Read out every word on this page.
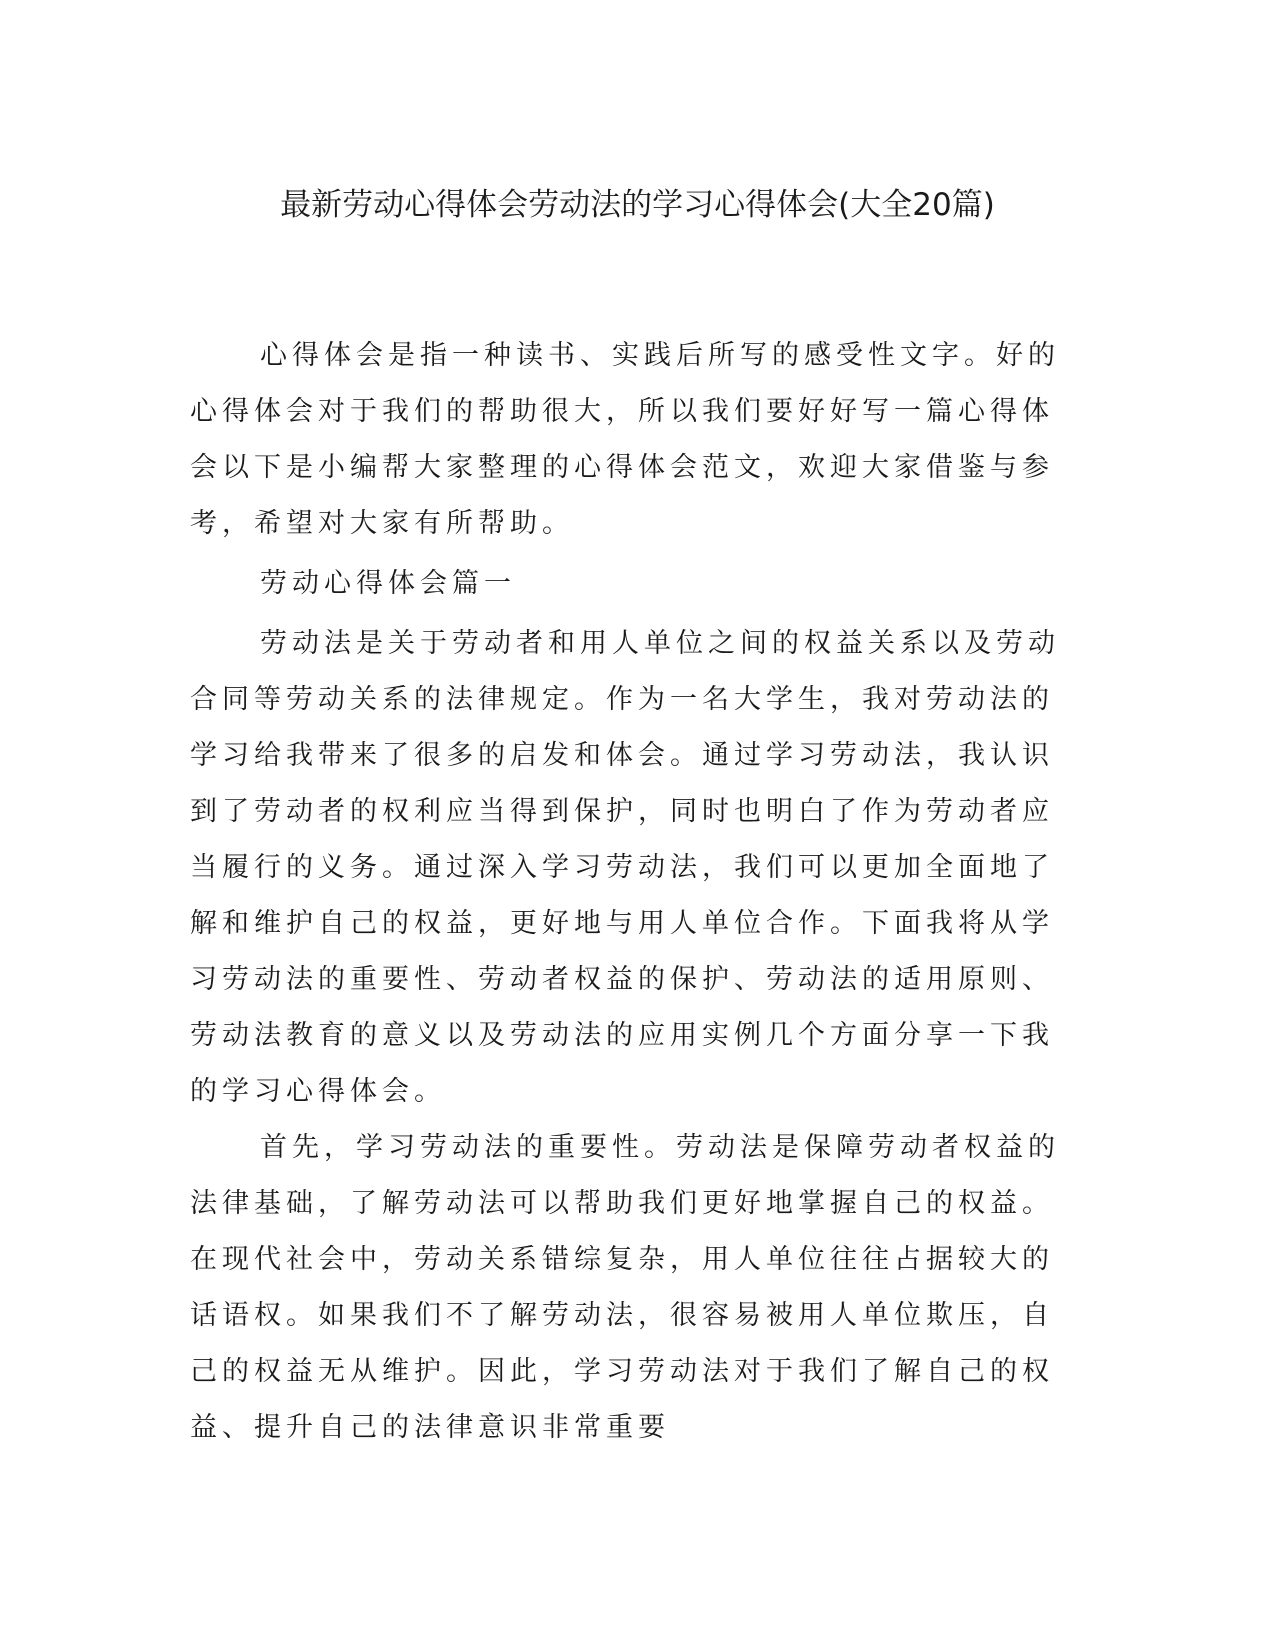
最新劳动心得体会劳动法的学习心得体会(大全20篇)

心得体会是指一种读书、实践后所写的感受性文字。好的心得体会对于我们的帮助很大，所以我们要好好写一篇心得体会以下是小编帮大家整理的心得体会范文，欢迎大家借鉴与参考，希望对大家有所帮助。

劳动心得体会篇一

劳动法是关于劳动者和用人单位之间的权益关系以及劳动合同等劳动关系的法律规定。作为一名大学生，我对劳动法的学习给我带来了很多的启发和体会。通过学习劳动法，我认识到了劳动者的权利应当得到保护，同时也明白了作为劳动者应当履行的义务。通过深入学习劳动法，我们可以更加全面地了解和维护自己的权益，更好地与用人单位合作。下面我将从学习劳动法的重要性、劳动者权益的保护、劳动法的适用原则、劳动法教育的意义以及劳动法的应用实例几个方面分享一下我的学习心得体会。

首先，学习劳动法的重要性。劳动法是保障劳动者权益的法律基础，了解劳动法可以帮助我们更好地掌握自己的权益。在现代社会中，劳动关系错综复杂，用人单位往往占据较大的话语权。如果我们不了解劳动法，很容易被用人单位欺压，自己的权益无从维护。因此，学习劳动法对于我们了解自己的权益、提升自己的法律意识非常重要
